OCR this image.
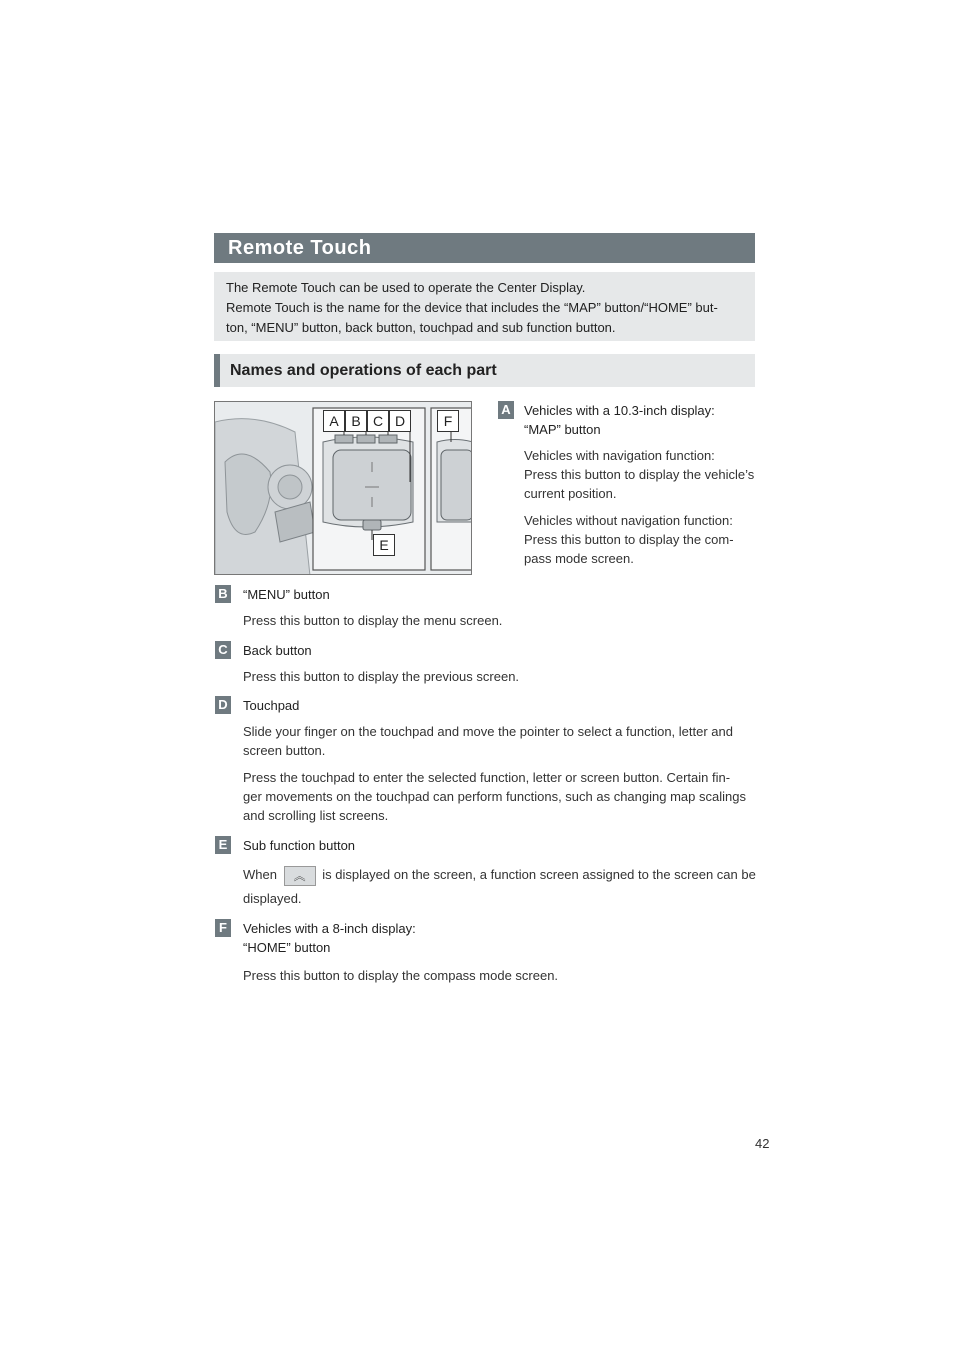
Remote Touch
The Remote Touch can be used to operate the Center Display.
Remote Touch is the name for the device that includes the “MAP” button/“HOME” but-
ton, “MENU” button, back button, touchpad and sub function button.
Names and operations of each part
A B C D	F
E
A Vehicles with a 10.3-inch display:
“MAP” button
Vehicles with navigation function:
Press this button to display the vehicle’s
current position.
Vehicles without navigation function:
Press this button to display the com-
pass mode screen.
B “MENU” button
Press this button to display the menu screen.
C Back button
Press this button to display the previous screen.
D Touchpad
Slide your finger on the touchpad and move the pointer to select a function, letter and
screen button.
Press the touchpad to enter the selected function, letter or screen button. Certain fin-
ger movements on the touchpad can perform functions, such as changing map scalings
and scrolling list screens.
E Sub function button
When ︽ is displayed on the screen, a function screen assigned to the screen can be
displayed.
F	Vehicles with a 8-inch display:
“HOME” button
Press this button to display the compass mode screen.
42
